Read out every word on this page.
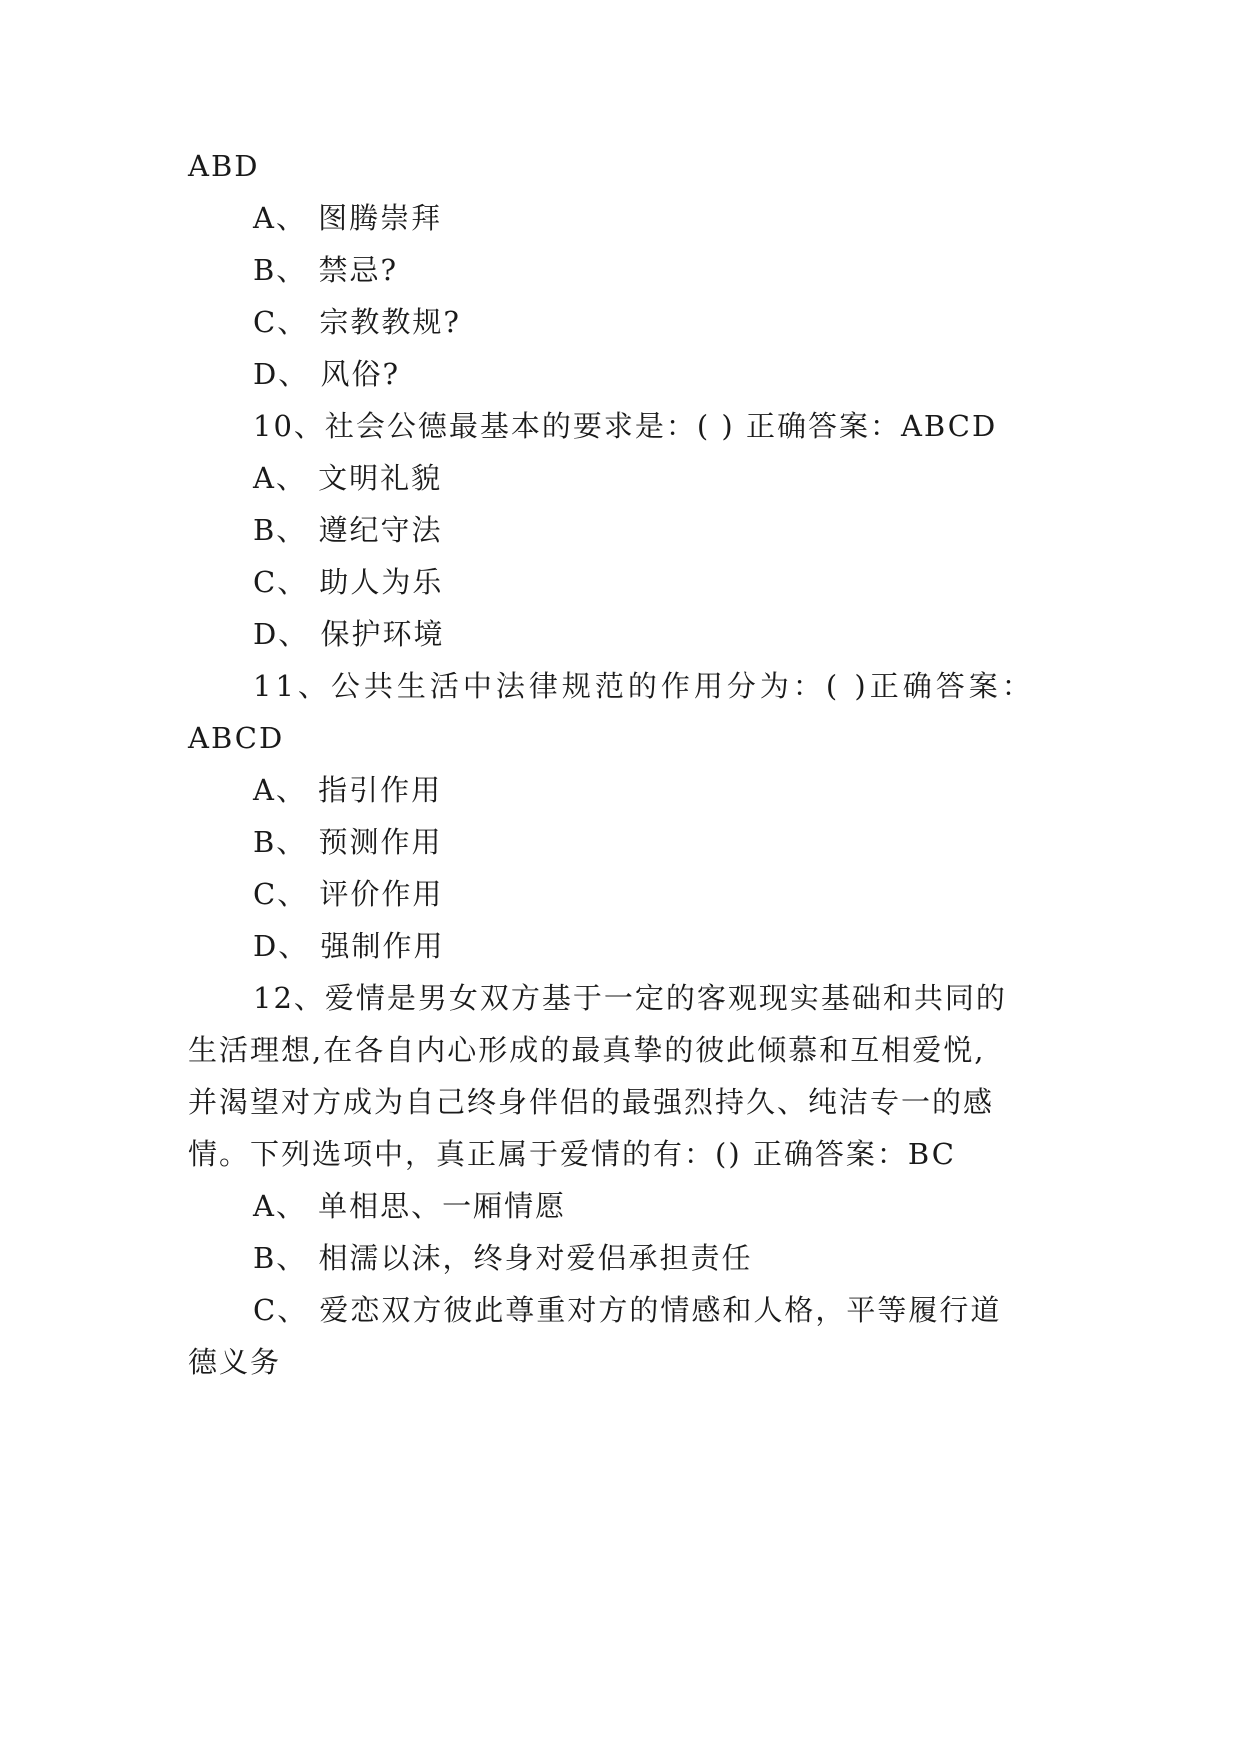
ABD
A、 图腾崇拜
B、 禁忌?
C、 宗教教规?
D、 风俗?
10、社会公德最基本的要求是：( ) 正确答案：ABCD
A、 文明礼貌
B、 遵纪守法
C、 助人为乐
D、 保护环境
11、公共生活中法律规范的作用分为：( )正确答案：
ABCD
A、 指引作用
B、 预测作用
C、 评价作用
D、 强制作用
12、爱情是男女双方基于一定的客观现实基础和共同的
生活理想,在各自内心形成的最真挚的彼此倾慕和互相爱悦,
并渴望对方成为自己终身伴侣的最强烈持久、纯洁专一的感
情。下列选项中，真正属于爱情的有：() 正确答案：BC
A、 单相思、一厢情愿
B、 相濡以沫，终身对爱侣承担责任
C、 爱恋双方彼此尊重对方的情感和人格，平等履行道
德义务
